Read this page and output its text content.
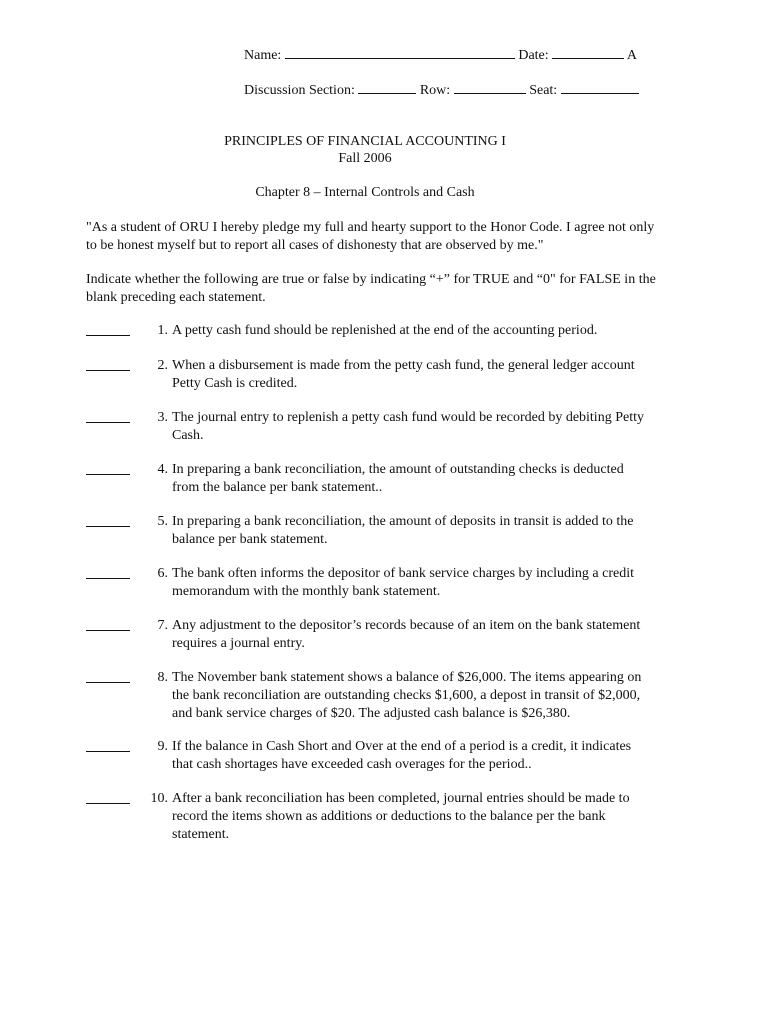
Name:	Date:	A
Discussion Section:	Row:	Seat:
PRINCIPLES OF FINANCIAL ACCOUNTING I
Fall 2006
Chapter 8 – Internal Controls and Cash
"As a student of ORU I hereby pledge my full and hearty support to the Honor Code. I agree not only to be honest myself but to report all cases of dishonesty that are observed by me."
Indicate whether the following are true or false by indicating “+” for TRUE and “0" for FALSE in the blank preceding each statement.
1. A petty cash fund should be replenished at the end of the accounting period.
2. When a disbursement is made from the petty cash fund, the general ledger account Petty Cash is credited.
3. The journal entry to replenish a petty cash fund would be recorded by debiting Petty Cash.
4. In preparing a bank reconciliation, the amount of outstanding checks is deducted from the balance per bank statement..
5. In preparing a bank reconciliation, the amount of deposits in transit is added to the balance per bank statement.
6. The bank often informs the depositor of bank service charges by including a credit memorandum with the monthly bank statement.
7. Any adjustment to the depositor’s records because of an item on the bank statement requires a journal entry.
8. The November bank statement shows a balance of $26,000. The items appearing on the bank reconciliation are outstanding checks $1,600, a depost in transit of $2,000, and bank service charges of $20. The adjusted cash balance is $26,380.
9. If the balance in Cash Short and Over at the end of a period is a credit, it indicates that cash shortages have exceeded cash overages for the period..
10. After a bank reconciliation has been completed, journal entries should be made to record the items shown as additions or deductions to the balance per the bank statement.
